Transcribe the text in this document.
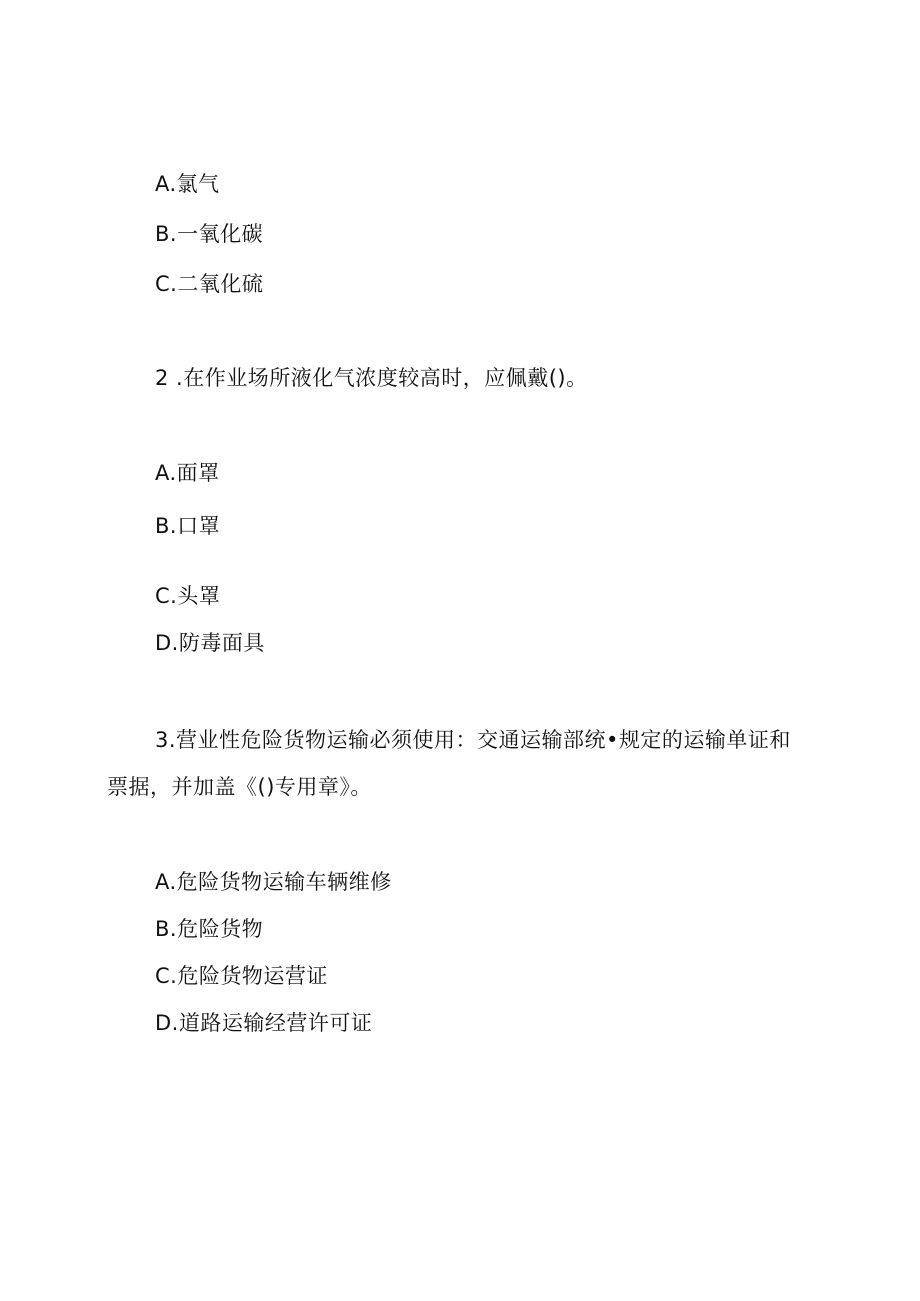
A.氯气
B.一氧化碳
C.二氧化硫
2 .在作业场所液化气浓度较高时，应佩戴()。
A.面罩
B.口罩
C.头罩
D.防毒面具
3.营业性危险货物运输必须使用：交通运输部统•规定的运输单证和
票据，并加盖《()专用章》。
A.危险货物运输车辆维修
B.危险货物
C.危险货物运营证
D.道路运输经营许可证
